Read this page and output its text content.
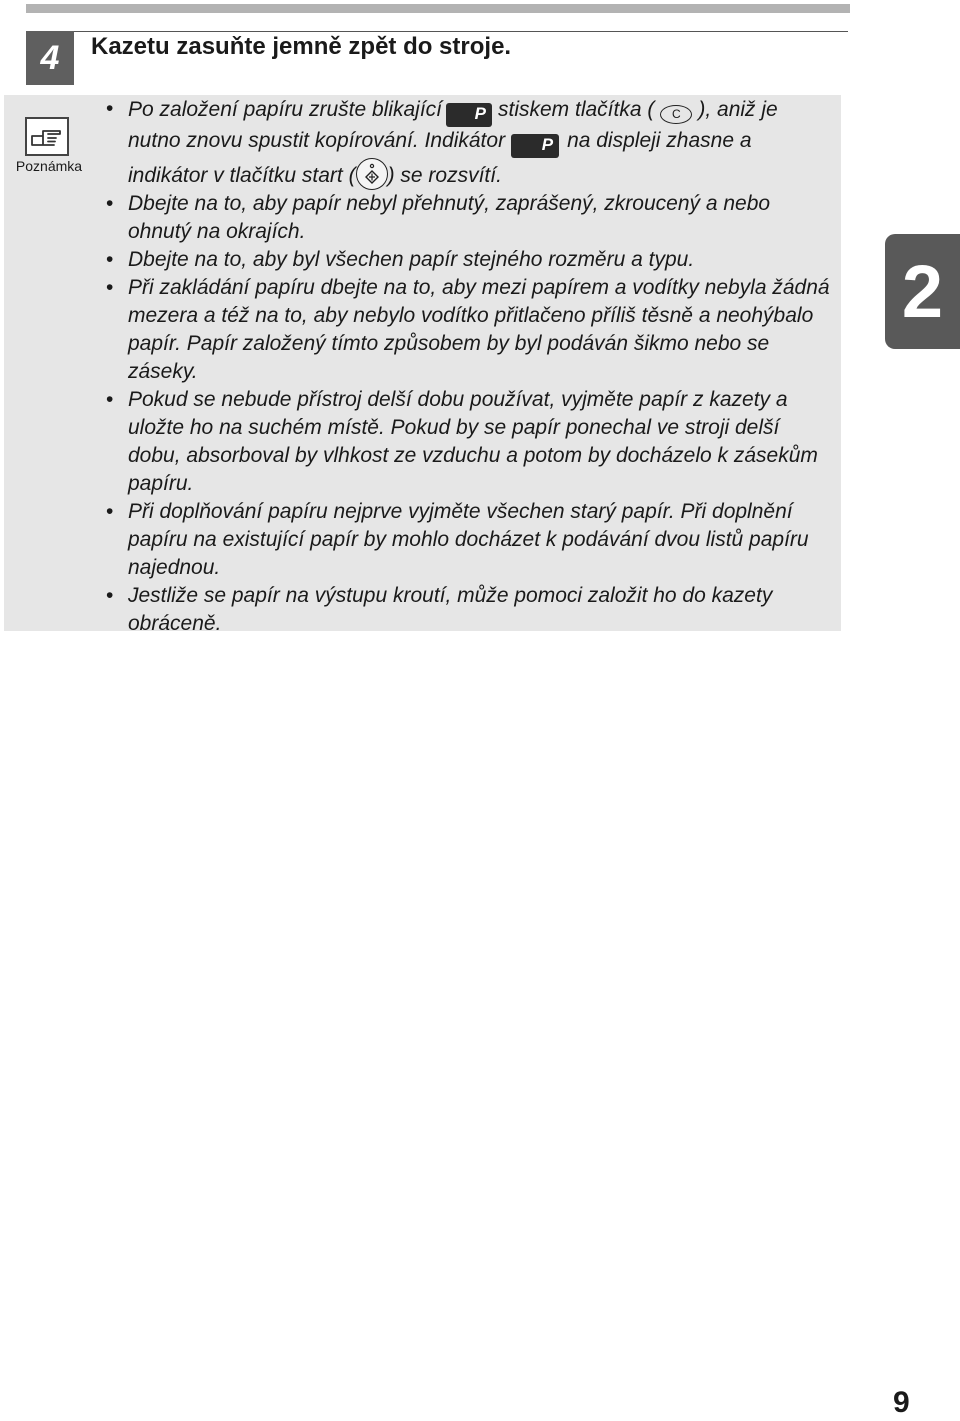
4	Kazetu zasuňte jemně zpět do stroje.
Poznámka
• Po založení papíru zrušte blikající P stiskem tlačítka ( C ), aniž je nutno znovu spustit kopírování. Indikátor P na displeji zhasne a indikátor v tlačítku start ( ) se rozsvítí.
• Dbejte na to, aby papír nebyl přehnutý, zaprášený, zkroucený a nebo ohnutý na okrajích.
• Dbejte na to, aby byl všechen papír stejného rozměru a typu.
• Při zakládání papíru dbejte na to, aby mezi papírem a vodítky nebyla žádná mezera a též na to, aby nebylo vodítko přitlačeno příliš těsně a neohýbalo papír. Papír založený tímto způsobem by byl podáván šikmo nebo se záseky.
• Pokud se nebude přístroj delší dobu používat, vyjměte papír z kazety a uložte ho na suchém místě. Pokud by se papír ponechal ve stroji delší dobu, absorboval by vlhkost ze vzduchu a potom by docházelo k zásekům papíru.
• Při doplňování papíru nejprve vyjměte všechen starý papír. Při doplnění papíru na existující papír by mohlo docházet k podávání dvou listů papíru najednou.
• Jestliže se papír na výstupu kroutí, může pomoci založit ho do kazety obráceně.
2
9
